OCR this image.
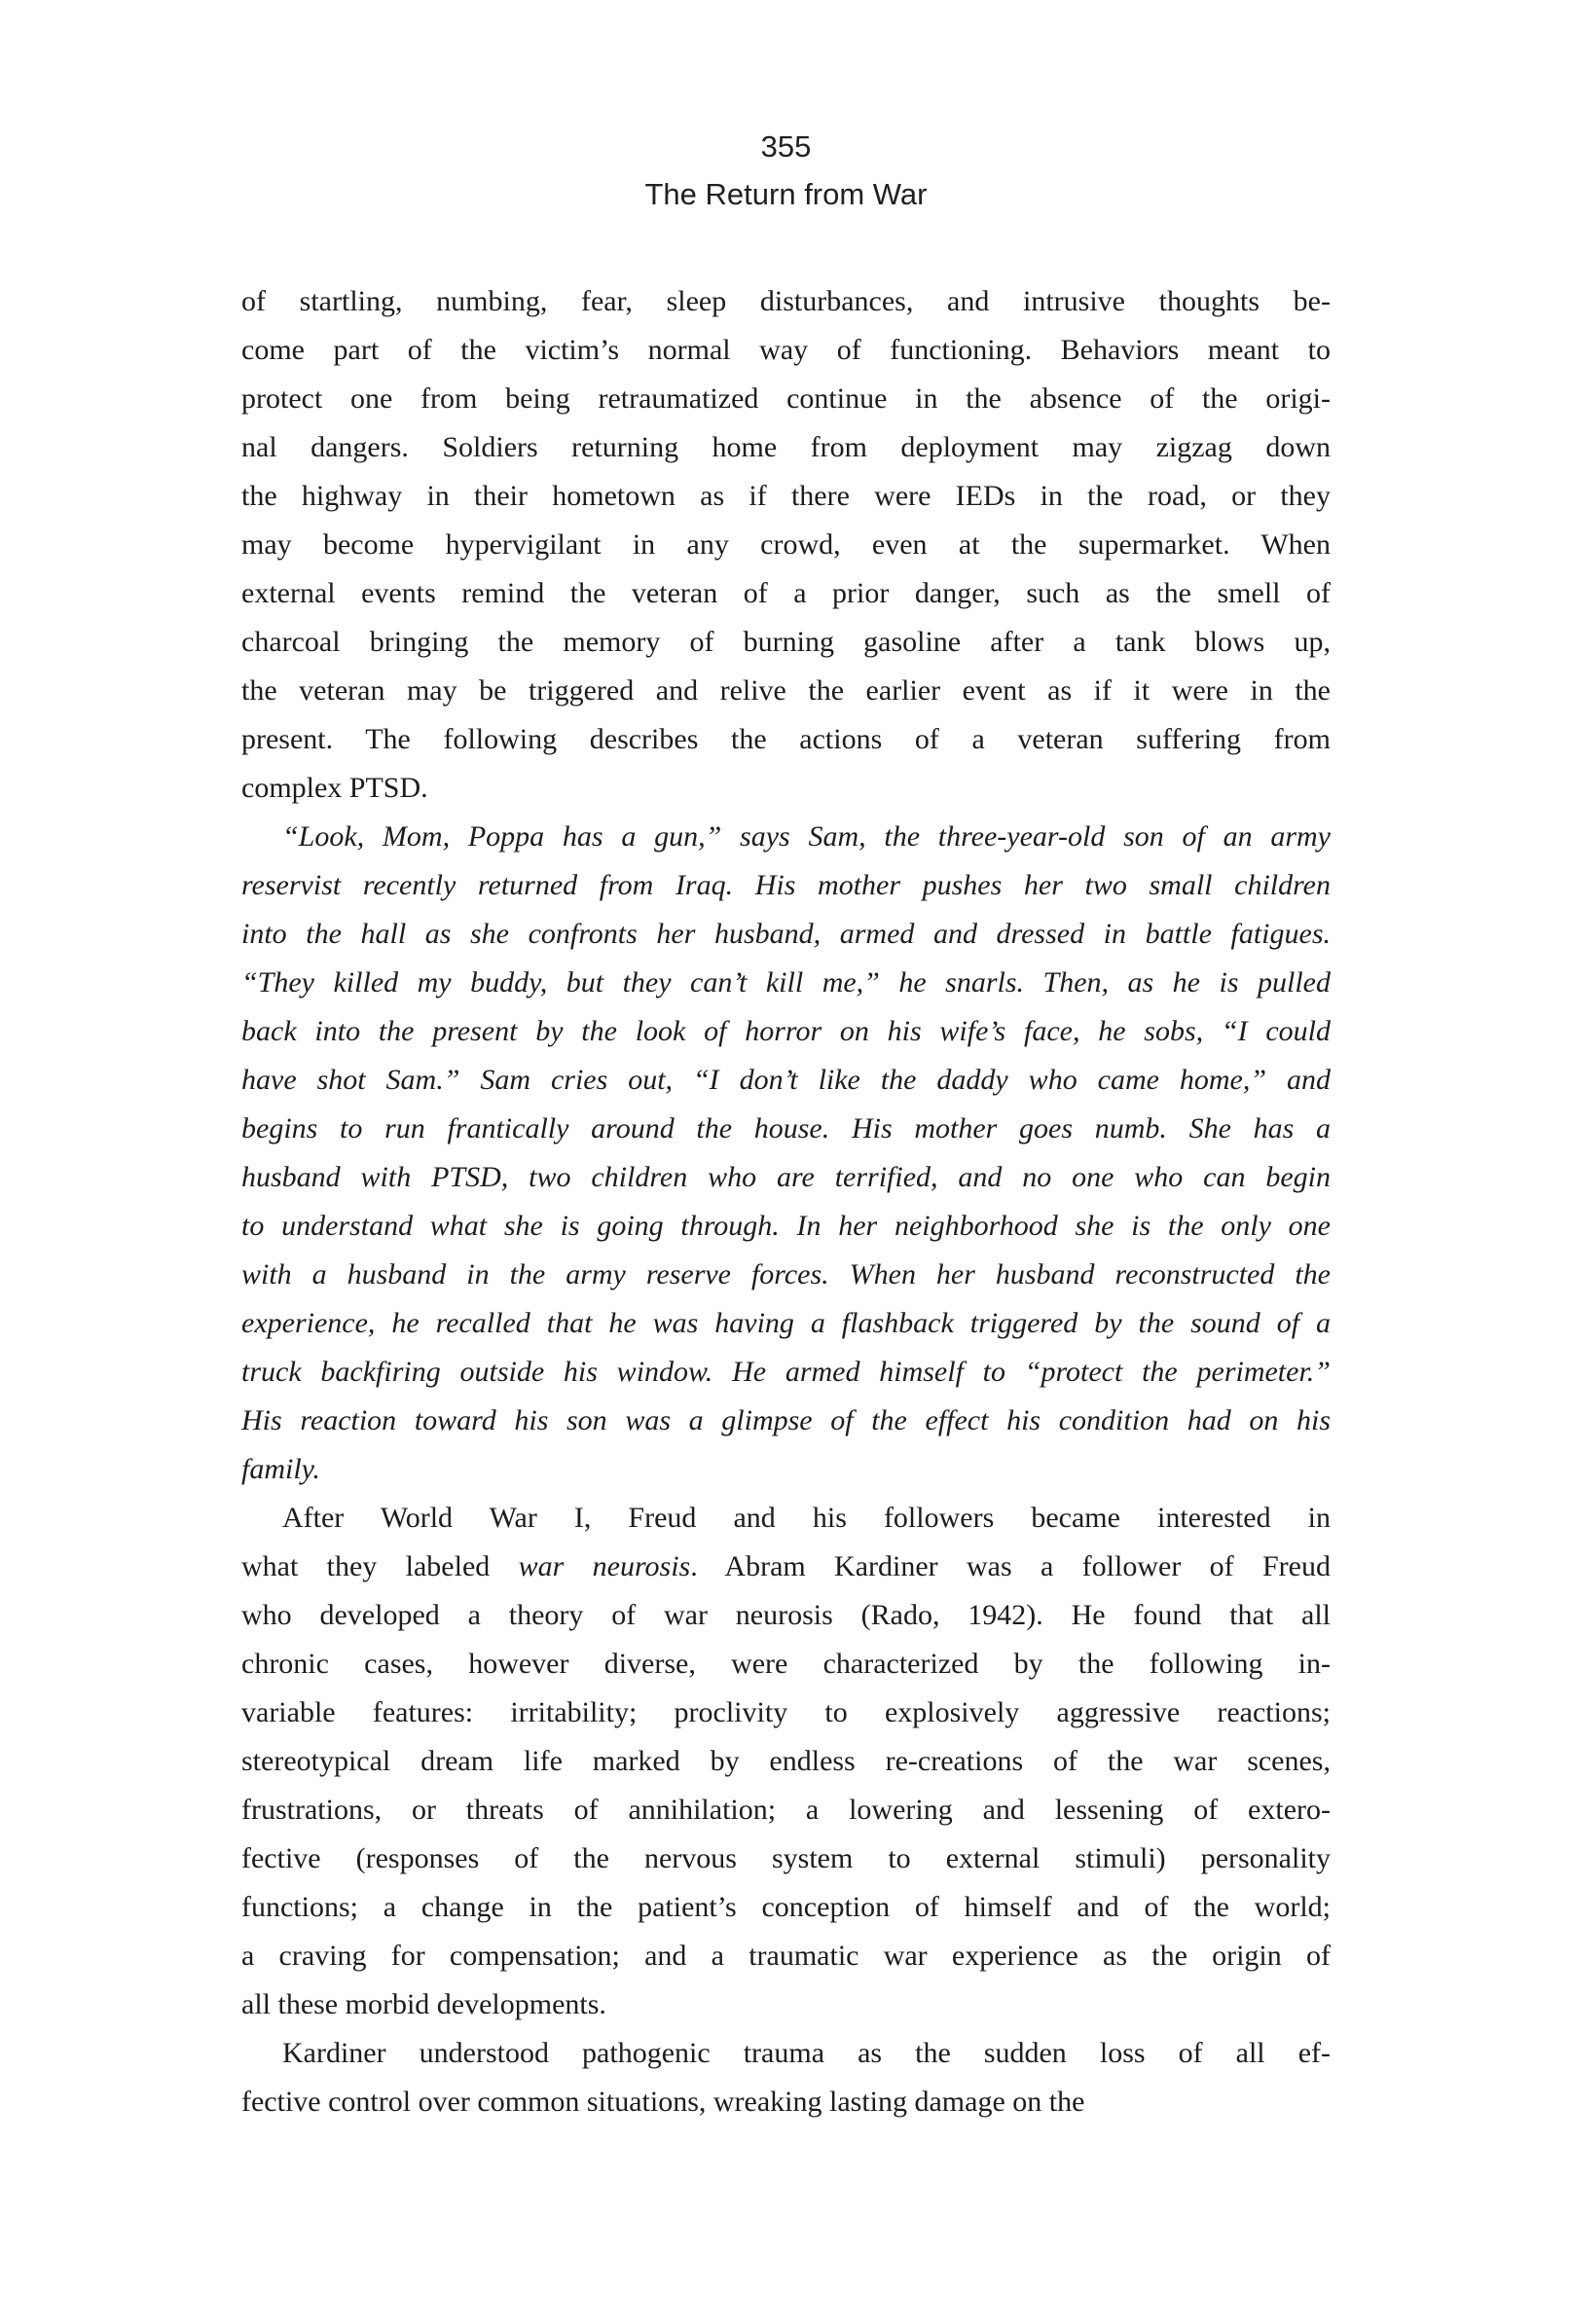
355
The Return from War
of startling, numbing, fear, sleep disturbances, and intrusive thoughts be-
come part of the victim’s normal way of functioning. Behaviors meant to
protect one from being retraumatized continue in the absence of the origi-
nal dangers. Soldiers returning home from deployment may zigzag down
the highway in their hometown as if there were IEDs in the road, or they
may become hypervigilant in any crowd, even at the supermarket. When
external events remind the veteran of a prior danger, such as the smell of
charcoal bringing the memory of burning gasoline after a tank blows up,
the veteran may be triggered and relive the earlier event as if it were in the
present. The following describes the actions of a veteran suffering from
complex PTSD.
“Look, Mom, Poppa has a gun,” says Sam, the three-year-old son of an army
reservist recently returned from Iraq. His mother pushes her two small children
into the hall as she confronts her husband, armed and dressed in battle fatigues.
“They killed my buddy, but they can’t kill me,” he snarls. Then, as he is pulled
back into the present by the look of horror on his wife’s face, he sobs, “I could
have shot Sam.” Sam cries out, “I don’t like the daddy who came home,” and
begins to run frantically around the house. His mother goes numb. She has a
husband with PTSD, two children who are terrified, and no one who can begin
to understand what she is going through. In her neighborhood she is the only one
with a husband in the army reserve forces. When her husband reconstructed the
experience, he recalled that he was having a flashback triggered by the sound of a
truck backfiring outside his window. He armed himself to “protect the perimeter.”
His reaction toward his son was a glimpse of the effect his condition had on his
family.
After World War I, Freud and his followers became interested in
what they labeled war neurosis. Abram Kardiner was a follower of Freud
who developed a theory of war neurosis (Rado, 1942). He found that all
chronic cases, however diverse, were characterized by the following in-
variable features: irritability; proclivity to explosively aggressive reactions;
stereotypical dream life marked by endless re-creations of the war scenes,
frustrations, or threats of annihilation; a lowering and lessening of extero-
fective (responses of the nervous system to external stimuli) personality
functions; a change in the patient’s conception of himself and of the world;
a craving for compensation; and a traumatic war experience as the origin of
all these morbid developments.
Kardiner understood pathogenic trauma as the sudden loss of all ef-
fective control over common situations, wreaking lasting damage on the
